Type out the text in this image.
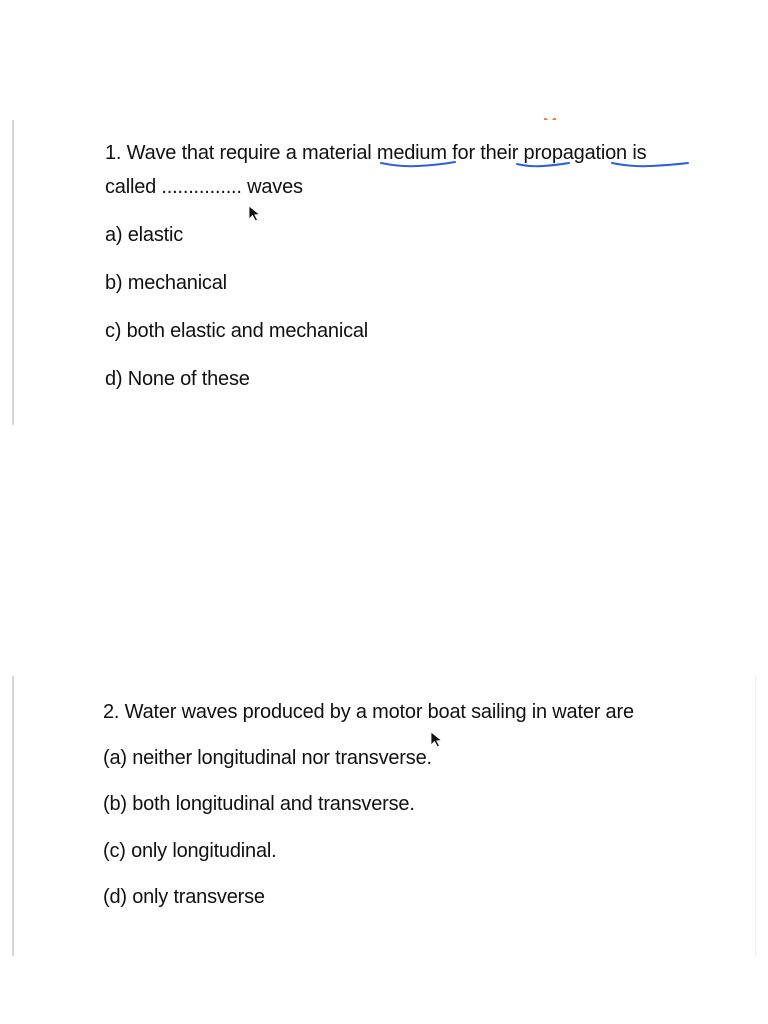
1. Wave that require a material medium for their propagation is
called ............... waves
a) elastic
b) mechanical
c) both elastic and mechanical
d) None of these
2. Water waves produced by a motor boat sailing in water are
(a) neither longitudinal nor transverse.
(b) both longitudinal and transverse.
(c) only longitudinal.
(d) only transverse
